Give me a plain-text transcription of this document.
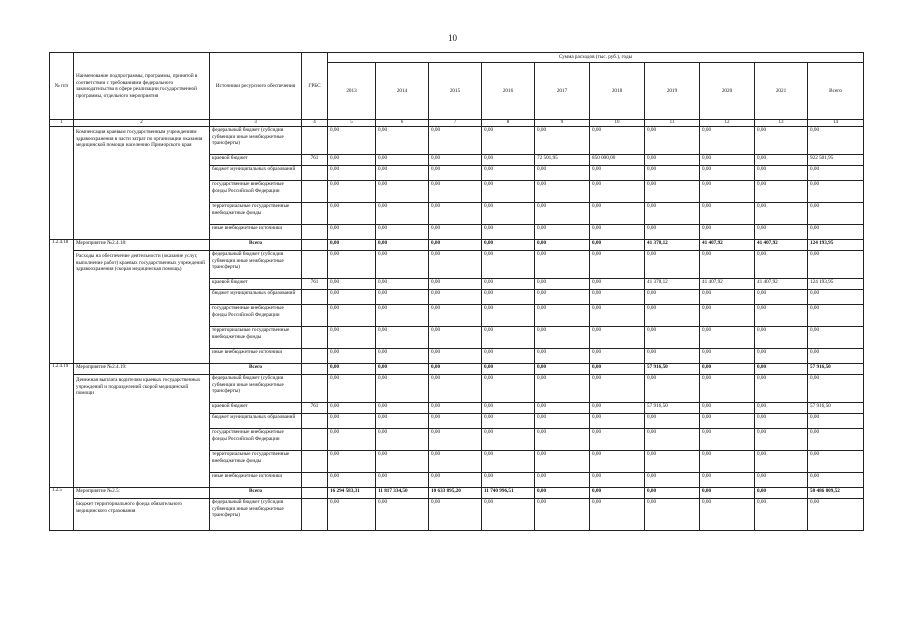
10
№ п/п	Наименование подпрограммы, программы, принятой в соответствии с требованиями федерального законодательства в сфере реализации государственной программы, отдельного мероприятия	Источники ресурсного обеспечения	ГРБС	Сумма расходов (тыс. руб.), годы									
				2013	2014	2015	2016	2017	2018	2019	2020	2021	Всего
1	2	3	4	5	6	7	8	9	10	11	12	13	14
	Компенсация краевым государственным учреждениям здравоохранения в части затрат по организации оказания медицинской помощи населению Приморского края	федеральный бюджет (субсидии субвенции иные межбюджетные трансферты)		0,00	0,00	0,00	0,00	0,00	0,00	0,00	0,00	0,00	0,00
		краевой бюджет	761	0,00	0,00	0,00	0,00	72 501,95	850 000,00	0,00	0,00	0,00	922 501,95
		бюджет муниципальных образований		0,00	0,00	0,00	0,00	0,00	0,00	0,00	0,00	0,00	0,00
		государственные внебюджетные фонды Российской Федерации		0,00	0,00	0,00	0,00	0,00	0,00	0,00	0,00	0,00	0,00
		территориальные государственные внебюджетные фонды		0,00	0,00	0,00	0,00	0,00	0,00	0,00	0,00	0,00	0,00
		иные внебюджетные источники		0,00	0,00	0,00	0,00	0,00	0,00	0,00	0,00	0,00	0,00
1.2.4.18	Мероприятие №2.4.18:	Всего		0,00	0,00	0,00	0,00	0,00	0,00	41 378,12	41 407,92	41 407,92	124 193,95
	Расходы на обеспечение деятельности (оказание услуг, выполнение работ) краевых государственных учреждений здравоохранения (скорая медицинская помощь)	федеральный бюджет (субсидии субвенции иные межбюджетные трансферты)		0,00	0,00	0,00	0,00	0,00	0,00	0,00	0,00	0,00	0,00
		краевой бюджет	761	0,00	0,00	0,00	0,00	0,00	0,00	41 378,12	41 407,92	41 407,92	124 193,95
		бюджет муниципальных образований		0,00	0,00	0,00	0,00	0,00	0,00	0,00	0,00	0,00	0,00
		государственные внебюджетные фонды Российской Федерации		0,00	0,00	0,00	0,00	0,00	0,00	0,00	0,00	0,00	0,00
		территориальные государственные внебюджетные фонды		0,00	0,00	0,00	0,00	0,00	0,00	0,00	0,00	0,00	0,00
		иные внебюджетные источники		0,00	0,00	0,00	0,00	0,00	0,00	0,00	0,00	0,00	0,00
1.2.4.19	Мероприятие №2.4.19:	Всего		0,00	0,00	0,00	0,00	0,00	0,00	57 916,50	0,00	0,00	57 916,50
	Денежная выплата водителям краевых государственных учреждений и подразделений скорой медицинской помощи	федеральный бюджет (субсидии субвенции иные межбюджетные трансферты)		0,00	0,00	0,00	0,00	0,00	0,00	0,00	0,00	0,00	0,00
		краевой бюджет	761	0,00	0,00	0,00	0,00	0,00	0,00	57 916,50	0,00	0,00	57 916,50
		бюджет муниципальных образований		0,00	0,00	0,00	0,00	0,00	0,00	0,00	0,00	0,00	0,00
		государственные внебюджетные фонды Российской Федерации		0,00	0,00	0,00	0,00	0,00	0,00	0,00	0,00	0,00	0,00
		территориальные государственные внебюджетные фонды		0,00	0,00	0,00	0,00	0,00	0,00	0,00	0,00	0,00	0,00
		иные внебюджетные источники		0,00	0,00	0,00	0,00	0,00	0,00	0,00	0,00	0,00	0,00
1.2.5	Мероприятие №2.5:	Всего		16 294 583,31	11 817 334,50	10 633 895,20	11 740 996,51	0,00	0,00	0,00	0,00	0,00	50 486 809,52
	Бюджет территориального фонда обязательного медицинского страхования	федеральный бюджет (субсидии субвенции иные межбюджетные трансферты)		0,00	0,00	0,00	0,00	0,00	0,00	0,00	0,00	0,00	0,00
